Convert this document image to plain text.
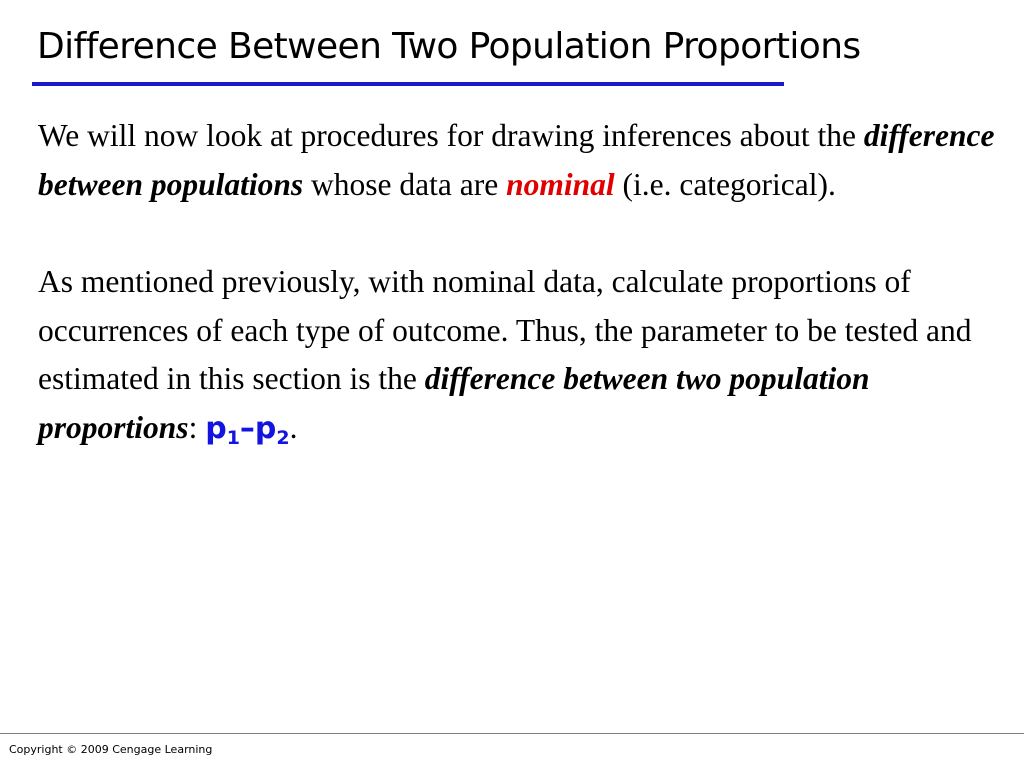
Difference Between Two Population Proportions

We will now look at procedures for drawing inferences about the difference between populations whose data are nominal (i.e. categorical).

As mentioned previously, with nominal data, calculate proportions of occurrences of each type of outcome. Thus, the parameter to be tested and estimated in this section is the difference between two population proportions: $p_1-p_2$.

Copyright © 2009 Cengage Learning
